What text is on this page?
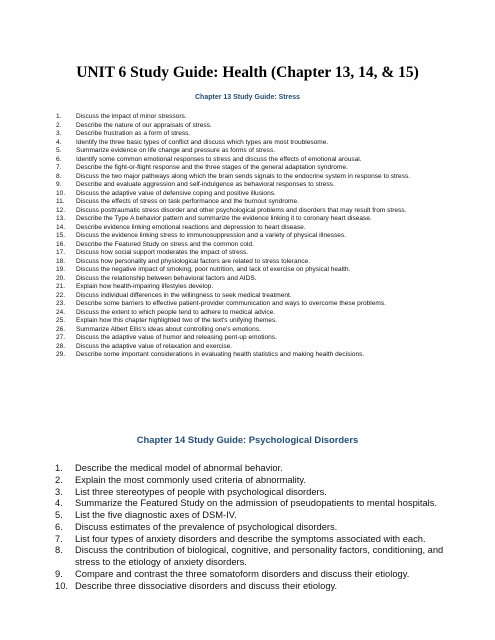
UNIT 6 Study Guide: Health (Chapter 13, 14, & 15)
Chapter 13 Study Guide: Stress
1.	Discuss the impact of minor stressors.
2.	Describe the nature of our appraisals of stress.
3.	Describe frustration as a form of stress.
4.	Identify the three basic types of conflict and discuss which types are most troublesome.
5.	Summarize evidence on life change and pressure as forms of stress.
6.	Identify some common emotional responses to stress and discuss the effects of emotional arousal.
7.	Describe the fight-or-flight response and the three stages of the general adaptation syndrome.
8.	Discuss the two major pathways along which the brain sends signals to the endocrine system in response to stress.
9.	Describe and evaluate aggression and self-indulgence as behavioral responses to stress.
10.	Discuss the adaptive value of defensive coping and positive illusions.
11.	Discuss the effects of stress on task performance and the burnout syndrome.
12.	Discuss posttraumatic stress disorder and other psychological problems and disorders that may result from stress.
13.	Describe the Type A behavior pattern and summarize the evidence linking it to coronary heart disease.
14.	Describe evidence linking emotional reactions and depression to heart disease.
15.	Discuss the evidence linking stress to immunosuppression and a variety of physical illnesses.
16.	Describe the Featured Study on stress and the common cold.
17.	Discuss how social support moderates the impact of stress.
18.	Discuss how personality and physiological factors are related to stress tolerance.
19.	Discuss the negative impact of smoking, poor nutrition, and lack of exercise on physical health.
20.	Discuss the relationship between behavioral factors and AIDS.
21.	Explain how health-impairing lifestyles develop.
22.	Discuss individual differences in the willingness to seek medical treatment.
23.	Describe some barriers to effective patient-provider communication and ways to overcome these problems.
24.	Discuss the extent to which people tend to adhere to medical advice.
25.	Explain how this chapter highlighted two of the text's unifying themes.
26.	Summarize Albert Ellis's ideas about controlling one's emotions.
27.	Discuss the adaptive value of humor and releasing pent-up emotions.
28.	Discuss the adaptive value of relaxation and exercise.
29.	Describe some important considerations in evaluating health statistics and making health decisions.
Chapter 14 Study Guide: Psychological Disorders
1.	Describe the medical model of abnormal behavior.
2.	Explain the most commonly used criteria of abnormality.
3.	List three stereotypes of people with psychological disorders.
4.	Summarize the Featured Study on the admission of pseudopatients to mental hospitals.
5.	List the five diagnostic axes of DSM-IV.
6.	Discuss estimates of the prevalence of psychological disorders.
7.	List four types of anxiety disorders and describe the symptoms associated with each.
8.	Discuss the contribution of biological, cognitive, and personality factors, conditioning, and stress to the etiology of anxiety disorders.
9.	Compare and contrast the three somatoform disorders and discuss their etiology.
10. Describe three dissociative disorders and discuss their etiology.
